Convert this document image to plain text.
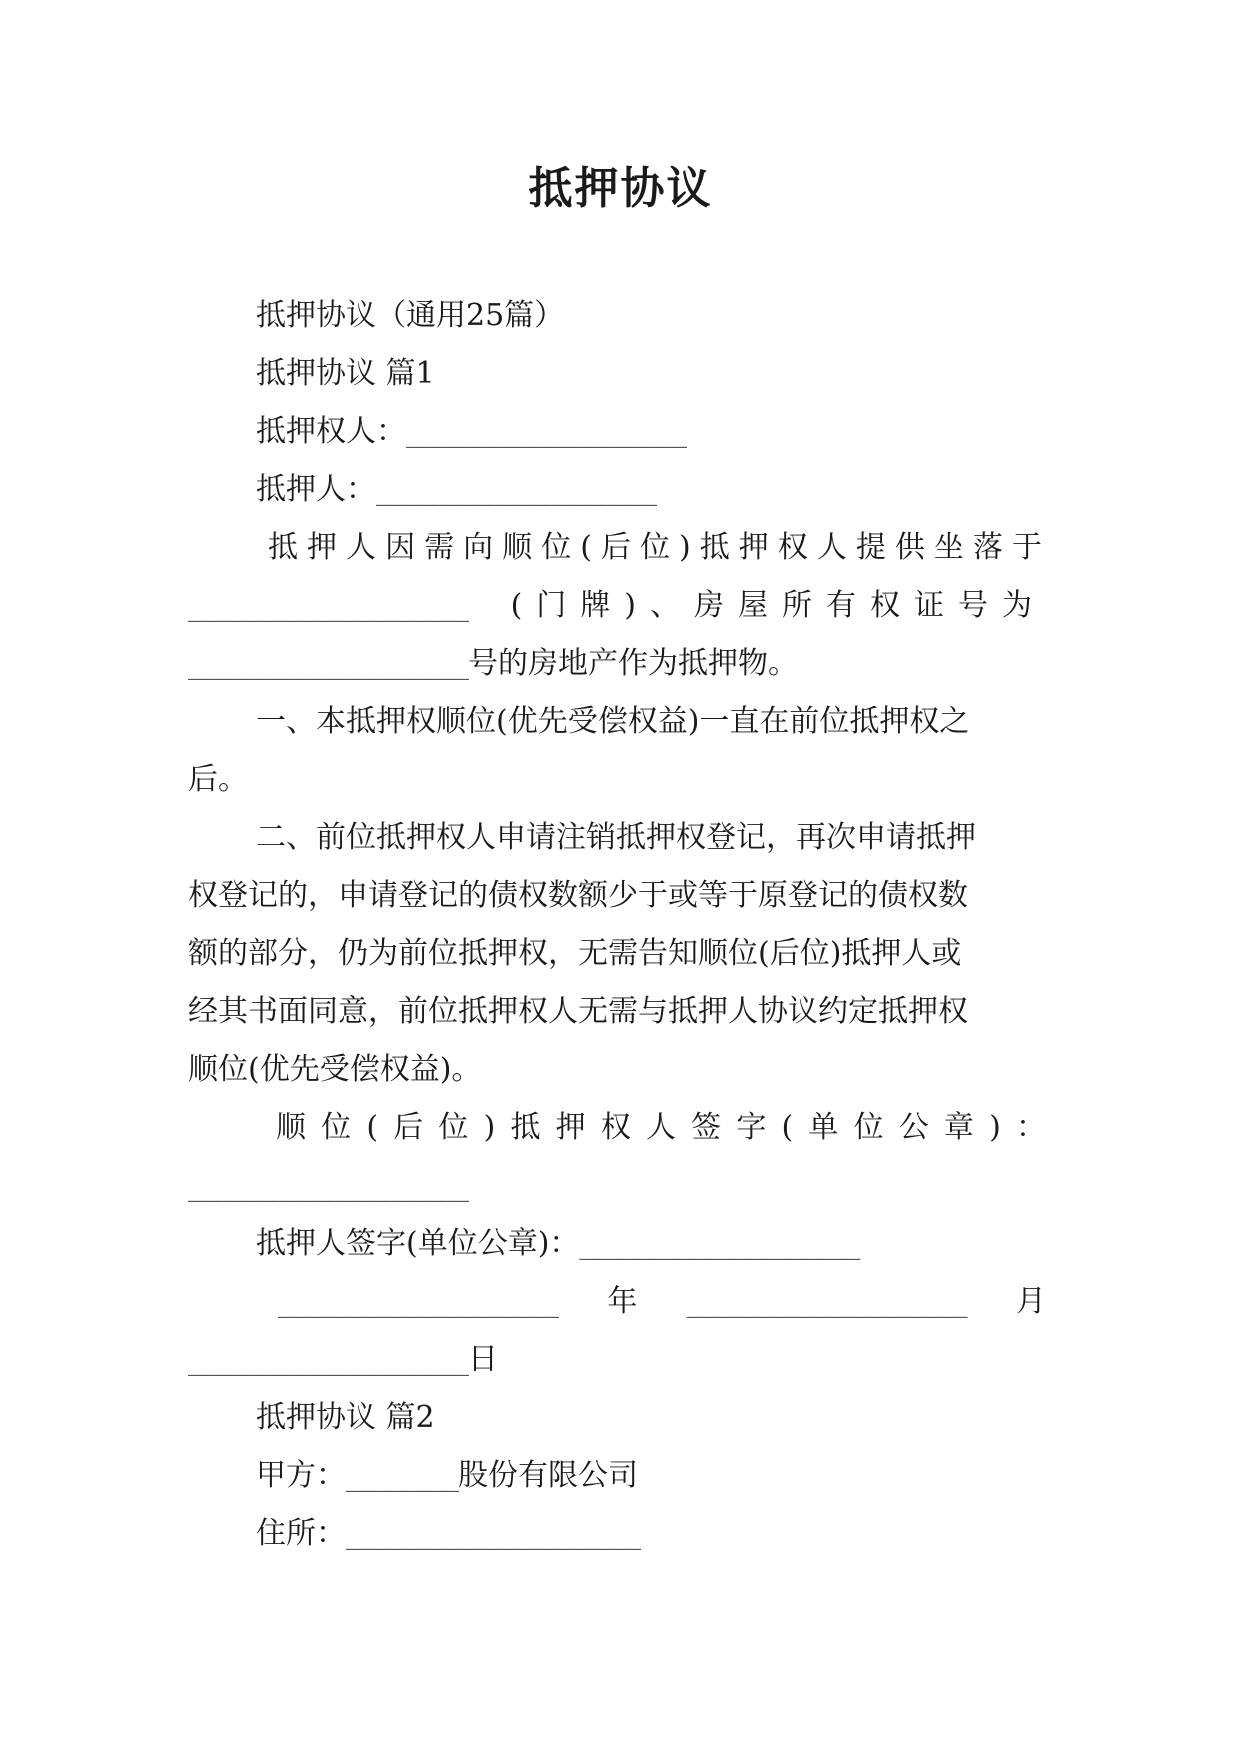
抵押协议
抵押协议（通用25篇）
抵押协议 篇1
抵押权人：____________________
抵押人：____________________
抵押人因需向顺位(后位)抵押权人提供坐落于
____________________ (门牌)、房屋所有权证号为
____________________号的房地产作为抵押物。
一、本抵押权顺位(优先受偿权益)一直在前位抵押权之
后。
二、前位抵押权人申请注销抵押权登记，再次申请抵押
权登记的，申请登记的债权数额少于或等于原登记的债权数
额的部分，仍为前位抵押权，无需告知顺位(后位)抵押人或
经其书面同意，前位抵押权人无需与抵押人协议约定抵押权
顺位(优先受偿权益)。
顺位(后位)抵押权人签字(单位公章)：
____________________
抵押人签字(单位公章)：____________________
____________________ 年 ____________________ 月
____________________日
抵押协议 篇2
甲方：________股份有限公司
住所：_____________________
